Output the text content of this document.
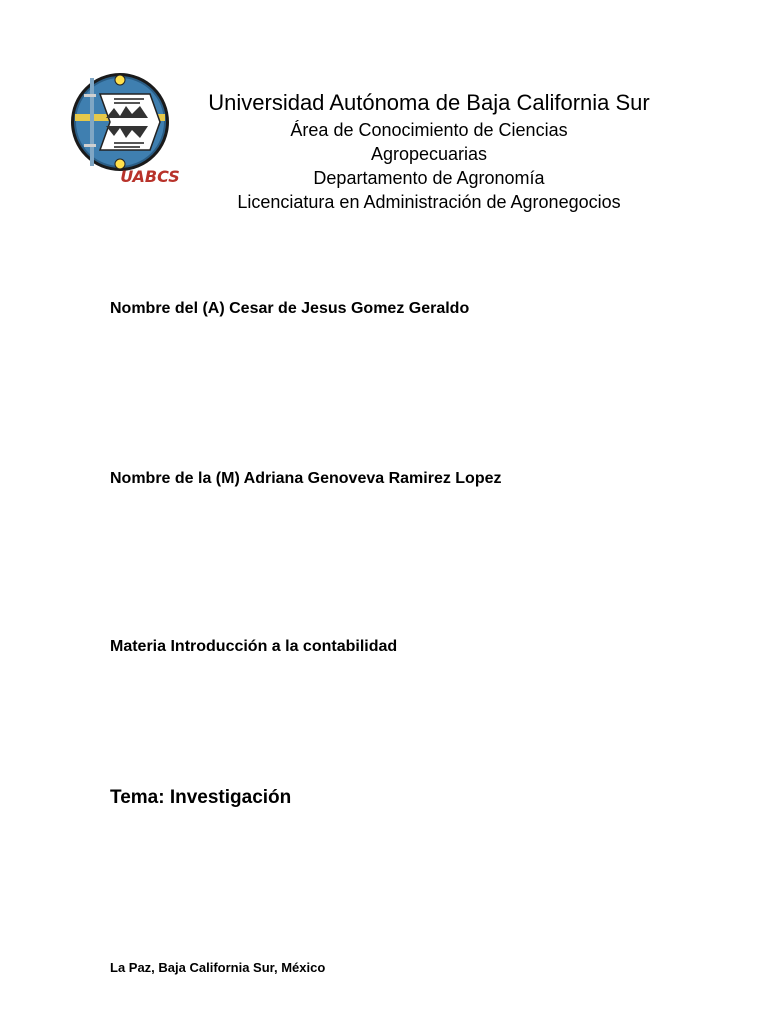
UABCS

Universidad Autónoma de Baja California Sur

Área de Conocimiento de Ciencias

Agropecuarias

Departamento de Agronomía

Licenciatura en Administración de Agronegocios

Nombre del (A) Cesar de Jesus Gomez Geraldo
Nombre de la (M) Adriana Genoveva Ramirez Lopez
Materia Introducción a la contabilidad
Tema: Investigación
La Paz, Baja California Sur, México
